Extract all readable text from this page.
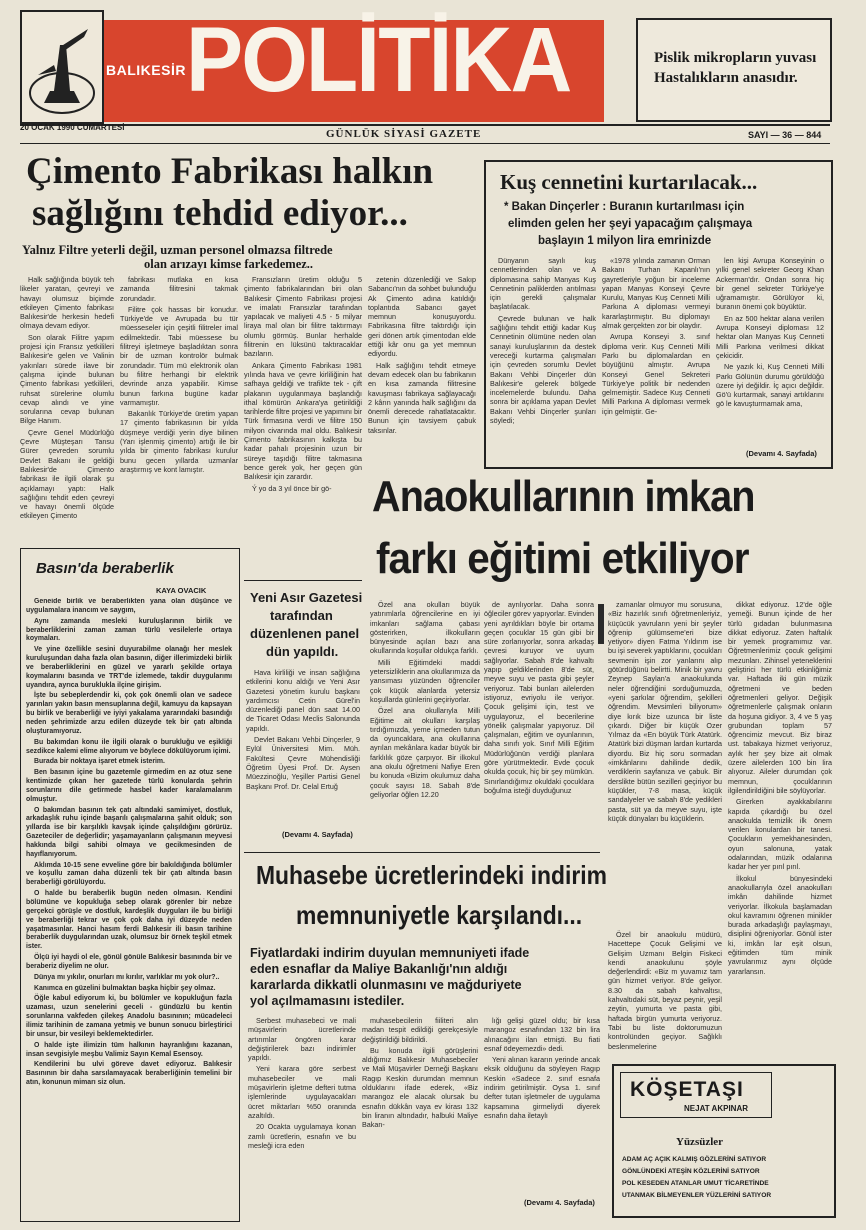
BALIKESİR POLİTİKA	Pislik mikropların yuvası
Hastalıkların anasıdır.
20 OCAK 1990 CUMARTESİ
GÜNLÜK SİYASİ GAZETE	SAYI — 36 — 844
Çimento Fabrikası halkın
sağlığını tehdid ediyor...
Yalnız Filtre yeterli değil, uzman personel olmazsa filtrede
olan arızayı kimse farkedemez..

Halk sağlığında büyük teh likeler yaratan, çevreyi ve havayı olumsuz biçimde etkileyen Çimento fabrikası Balıkesir'de herkesin hedefi olmaya devam ediyor.

Son olarak Filitre yapım projesi için Fransız yetkilileri Balıkesir'e gelen ve Valinin yakınları sürede ilave bir çalışma içinde bulunan Çimento fabrikası yetkilileri, ruhsat sürelerine olumlu cevap alındı ve yine sorularına cevap bulunan Bilge Hanım.

Çevre Genel Müdürlüğü Çevre Müşteşarı Tansu Gürer çevreden sorumlu Devlet Bakanı ile geldiği Balıkesir'de Çimento fabrikası ile ilgili olarak şu açıklamayı yaptı: Halk sağlığını tehdit eden çevreyi ve havayı önemli ölçüde etkileyen Çimento

fabrikası mutlaka en kısa zamanda filitresini takmak zorundadır.

Filitre çok hassas bir konudur. Türkiye'de ve Avrupada bu tür müesseseler için çeşitli filitreler imal edilmektedir. Tabi müessese bu filitreyi işletmeye başladıktan sonra bir de uzman kontrolör bulmak zorundadır. Tüm mü elektronik olan bu filitre herhangi bir elektrik devrinde arıza yapabilir. Kimse bunun farkına bugüne kadar varmamıştır.

Bakanlık Türkiye'de üretim yapan 17 çimento fabrikasının bir yılda düşmeye verdiği yerin diye bilinen (Yarı işlenmiş çimento) artığı ile bir yılda bir çimento fabrikası kurulur bunu gecen yıllarda uzmanlar araştırmış ve kont lamıştır.

Fransızların üretim olduğu 5 çimento fabrikalarından biri olan Balıkesir Çimento Fabrikası projesi ve imalatı Fransızlar tarafından yapılacak ve maliyeti 4.5 - 5 milyar liraya mal olan bir filitre taktırmayı olumlu görmüş. Bunlar herhalde filitrenin en lüksünü taktıracaklar bazıların.

Ankara Çimento Fabrikası 1981 yılında hava ve çevre kirliliğinin hat safhaya geldiği ve trafikte tek - çift plakanın uygulanmaya başlandığı ithal kömürün Ankara'ya getirildiği tarihlerde filtre projesi ve yapımını bir Türk firmasına verdi ve filitre 150 milyon civarında mal oldu. Balıkesir Çimento fabrikasının kalkışta bu kadar pahalı projesinin uzun bir süreye taşıdığı filitre takmasına bence gerek yok, her geçen gün Balıkesir için zarardır.

Ý yo da 3 yıl önce bir gö-

zetenin düzenlediği ve Sakıp Sabancı'nın da sohbet bulunduğu Ak Çimento adına katıldığı toplantıda Sabancı gayet memnun konuşuyordu. Fabrikasına filtre taktırdığı için geri dönen artık çimentodan elde ettiği kâr onu ga yet memnun ediyordu.

Halk sağlığını tehdit etmeye devam edecek olan bu fabrikanın en kısa zamanda filitresine kavuşması fabrikaya sağlayacağı 2 kârın yanında halk sağlığını da önemli derecede rahatlatacaktır. Bunun için tavsiyem çabuk taksınlar.

Kuş cennetini kurtarılacak...
* Bakan Dinçerler : Buranın kurtarılması için
elimden gelen her şeyi yapacağım çalışmaya
başlayın 1 milyon lira emrinizde

Dünyanın sayılı kuş cennetlerinden olan ve A diplomasına sahip Manyas Kuş Cennetinin paliklerden arıtılması için gerekli çalışmalar başlatılacak.

Çevrede bulunan ve halk sağlığını tehdit ettiği kadar Kuş Cennetinin ölümüne neden olan sanayi kuruluşlarının da destek vereceği kurtarma çalışmaları için çevreden sorumlu Devlet Bakanı Vehbi Dinçerler dün Balıkesir'e gelerek bölgede incelemelerde bulundu. Daha sonra bir açıklama yapan Devlet Bakanı Vehbi Dinçerler şunları söyledi;

«1978 yılında zamanın Orman Bakanı Turhan Kapanlı'nın gayretleriyle yoğun bir inceleme yapan Manyas Konseyi Çevre Kurulu, Manyas Kuş Cenneti Milli Parkına A diploması vermeyi kararlaştırmıştır. Bu diplomayı almak gerçekten zor bir olaydır.

Avrupa Konseyi 3. sınıf diploma verir. Kuş Cenneti Milli Parkı bu diplomalardan en büyüğünü almıştır. Avrupa Konseyi Genel Sekreteri Türkiye'ye politik bir nedenden gelmemiştir. Sadece Kuş Cenneti Milli Parkına A diploması vermek için gelmiştir. Ge-

len kişi Avrupa Konseyinin o yılki genel sekreter Georg Khan Ackerman'dır. Ondan sonra hiç bir genel sekreter Türkiye'ye uğramamıştır. Görülüyor ki, buranın önemi çok büyüktür.

En az 500 hektar alana verilen Avrupa Konseyi diploması 12 hektar olan Manyas Kuş Cenneti Milli Parkına verilmesi dikkat çekicidir.

Ne yazık ki, Kuş Cenneti Milli Parkı Gölünün durumu görüldüğü üzere iyi değildir. İç açıcı değildir. Gö'ü kurtarmak, sanayi artıklarını gö le kavuşturmamak ama,

(Devamı 4. Sayfada)
Anaokullarının imkan
farkı eğitimi etkiliyor
Basın'da beraberlik
KAYA OVACIK

Geneide birlik ve beraberlikten yana olan düşünce ve uygulamalara inancım ve saygım,

Aynı zamanda mesleki kuruluşlarının birlik ve beraberliklerini zaman zaman türlü vesilelerle ortaya koymaları.

Ve yine özellikle sesini duyurabilme olanağı her meslek kuruluşundan daha fazla olan basının, diğer illerimizdeki birlik ve beraberliklerini en güzel ve yararlı şekilde ortaya koymalarını basında ve TRT'de izlemede, takdir duygularımı uyandıra, ayrıca buruklukla ilçine girişim.

İşte bu sebeplerdendir ki, çok çok önemli olan ve sadece yarınları yakın basın mensuplarına değil, kamuyu da kapsayan bu birlik ve beraberliği ve iyiyi yakalama yararındaki basındığı neden şehrimizde arzu edilen düzeyde tek bir çatı altında oluşturamıyoruz.

Bu bakımdan konu ile ilgili olarak o burukluğu ve eşikliği sezdikce kalemi elime alıyorum ve böylece dökülüyorum içimi.

Burada bir noktaya işaret etmek isterim.

Ben basının içine bu gazetemle girmedim en az otuz sene kentimizde çıkan her gazetede türlü konularda şehrin sorunlarını dile getirmede hasbel kader karalamalarım olmuştur.

O bakımdan basının tek çatı altındaki samimiyet, dostluk, arkadaşlık ruhu içinde başarılı çalışmalarına şahit olduk; son yıllarda ise bir karşılıklı kavşak içinde çalışıldığını görürüz. Gazeteciler de değerlidir; yaşamayanların çalışmanın meyvesi hakkında bilgi sahibi olmaya ve gecikmesinden de hayıflanıyorum.

Aklımda 10-15 sene evveline göre bir bakıldığında bölümler ve koşullu zaman daha düzenli tek bir çatı altında basın beraberliği görülüyordu.

O halde bu beraberlik bugün neden olmasın. Kendini bölümüne ve kopukluğa sebep olarak görenler bir nebze gerçekci görüşle ve dostluk, kardeşlik duyguları ile bu birliği ve beraberliği tekrar ve çok çok daha iyi düzeyde neden yaşatmasınlar. Hanci hasım ferdi Balıkesir ili basın tarihine beraberlik duygularından uzak, olumsuz bir örnek teşkil etmek ister.

Ölçü iyi haydi ol ele, gönül gönüle Balıkesir basınında bir ve beraberiz diyelim ne olur.

Dünya mı yıkılır, onurları mı kırılır, varlıklar mı yok olur?..

Kanımca en güzelini bulmaktan başka hiçbir şey olmaz.

Öğle kabul ediyorum ki, bu bölümler ve kopukluğun fazla uzaması, uzun senelerini geceli - gündüzlü bu kentin sorunlarına vakfeden çilekeş Anadolu basınının; mücadeleci ilimiz tarihinin de zamana yetmiş ve bunun sonucu birleştirici bir unsur, bir vesileyi beklemektedirler.

O halde işte ilimizin tüm halkının hayranlığını kazanan, insan sevgisiyle meşbu Valimiz Sayın Kemal Esensoy.

Kendilerini bu ulvi göreve davet ediyoruz. Balıkesir Basınının bir daha sarsılamayacak beraberliğinin temelini bir atın, konunun mimarı siz olun.

Yeni Asır Gazetesi
tarafından
düzenlenen panel
dün yapıldı.

Hava kirliliği ve insan sağlığına etkilerini konu aldığı ve Yeni Asır Gazetesi yönetim kurulu başkanı yardımcısı Cetin Gürel'in düzenlediği panel dün saat 14.00 de Ticaret Odası Meclis Salonunda yapıldı.

Devlet Bakanı Vehbi Dinçerler, 9 Eylül Üniversitesi Mim. Müh. Fakültesi Çevre Mühendisliği Öğretim Üyesi Prof. Dr. Aysen Müezzinoğlu, Yeşiller Partisi Genel Başkanı Prof. Dr. Celal Ertuğ

(Devamı 4. Sayfada)

Özel ana okulları büyük yatırımlarla öğrencilerine en iyi imkanları sağlama çabası gösterirken, ilkokulların bünyesinde açılan bazı ana okullarında koşullar oldukça farklı.

Milli Eğitimdeki maddi yetersizliklerin ana okullarımıza da yansıması yüzünden öğrenciler çok küçük alanlarda yetersiz koşullarda günlerini geçiriyorlar.

Özel ana okullarıyla Milli Eğitime ait okulları karşılaş tırdığımızda, yeme içmeden tutun da oyuncaklara, ana okullarına ayrılan mekânlara kadar büyük bir farklılık göze çarpıyor. Bir ilkokul ana okulu öğretmeni Nafiye Eren bu konuda «Bizim okulumuz daha çocuk sayısı 18. Sabah 8'de geliyorlar öğlen 12.20

de ayrılıyorlar. Daha sonra öğleciler görev yapıyorlar. Evinden yeni ayrıldıkları böyle bir ortama geçen çocuklar 15 gün gibi bir süre zorlanıyorlar, sonra arkadaş çevresi kuruyor ve uyum sağlıyorlar. Sabah 8'de kahvaltı yapıp geldiklerinden 8'de süt, meyve suyu ve pasta gibi şeyler veriyoruz. Tabi bunları ailelerden istiyoruz, evriyolu ile veriyor. Çocuk gelişimi için, test ve uygulayoruz, el becerilerine yönelik çalışmalar yapıyoruz. Dil çalışmaları, eğitim ve oyunlarının, daha sınıfı yok. Sınıf Milli Eğitim Müdürlüğünün verdiği planlara göre yürütmektedir. Evde çocuk okulda çocuk, hiç bir şey mümkün. Sınırlandığımız okuldaki çocuklara boğulma isteği duyduğunuz

zamanlar olmuyor mu sorusuna, «Biz hazırlık sınıfı öğretmenleriyiz, küçücük yavruların yeni bir şeyler öğrenip gülümseme'eri bize yetiyor» diyen Fatma Yıldırım ise bu işi severek yaptıklarını, çocukları sevmenin işin zor yanlarını alıp götürdüğünü belirtti. Minik bir yavru Zeynep Saylan'a anaokulunda neler öğrendiğini sorduğumuzda, «yeni şarkılar öğrendim, şekilleri öğrendim. Mevsimleri biliyorum» diye kırık bize uzunca bir liste çıkardı. Diğer bir küçük Ozer Yılmaz da «En büyük Türk Atatürk. Atatürk bizi düşman lardan kurtarda diyordu. Biz hiç soru sormadan «imkânlarını dahilinde dedik, verdiklerin sayfanıza ve çabuk. Bir derslikte bütün sezilleri geçiriyor bu küçükler, 7-8 masa, küçük sandalyeler ve sabah 8'de yedikleri pasta, süt ya da meyve suyu, işte küçük dünyaları bu küçüklerin.

Özel bir anaokulu müdürü, Hacettepe Çocuk Gelişimi ve Gelişim Uzmanı Belgin Fiskeci kendi anaokulunu şöyle değerlendirdi: «Biz m yuvamız tam gün hizmet veriyor. 8'de geliyor. 8.30 da sabah kahvaltısı, kahvaltıdaki süt, beyaz peynir, yeşil zeytin, yumurta ve pasta gibi, haftada birgün yumurta veriyoruz. Tabi bu liste doktorumuzun kontrolünden geçiyor. Sağlıklı beslenmelerine

dikkat ediyoruz. 12'de öğle yemeği. Bunun içinde de her türlü gıdadan bulunmasına dikkat ediyoruz. Zaten haftalık bir yemek programımız var. Öğretmenlerimiz çocuk gelişimi mezunları. Zihinsel yeteneklerini geliştirici her türlü etkinliğimiz var. Haftada iki gün müzik öğretmeni ve beden öğretmenleri geliyor. Değişik öğretmenlerle çalışmak onların da hoşuna gidiyor. 3, 4 ve 5 yaş grubundan toplam 57 öğrencimiz mevcut. Biz biraz ust. tabakaya hizmet veriyoruz, aylık her şey bize ait olmak üzere ailelerden 100 bin lira alıyoruz. Aileler durumdan çok memnun, çocuklarının ilgilendirildiğini bile söylüyorlar.

Girerken ayakkabılarını kapıda çıkardığı bu özel anaokulda temizlik ilk önem verilen konulardan bir tanesi. Çocukların yemekhanesinden, oyun salonuna, yatak odalarından, müzik odalarına kadar her yer pırıl pırıl.

İlkokul bünyesindeki anaokullarıyla özel anaokulları imkân dahilinde hizmet veriyorlar. İlkokula başlamadan okul kavramını öğrenen minikler burada arkadaşlığı paylaşmayı, disiplini öğreniyorlar. Gönül ister ki, imkân lar eşit olsun, eğitimden tüm minik yavrularımız aynı ölçüde yararlansın.

Muhasebe ücretlerindeki indirim
memnuniyetle karşılandı...
Fiyatlardaki indirim duyulan memnuniyeti ifade
eden esnaflar da Maliye Bakanlığı'nın aldığı
kararlarda dikkatli olunmasını ve mağduriyete
yol açılmamasını istediler.

Serbest muhasebeci ve mali müşavirlerin ücretlerinde artırımlar öngören karar değiştirilerek bazı indirimler yapıldı.

Yeni karara göre serbest muhasebeciler ve mali müşavirlerin işletme defteri tutma işlemlerinde uygulayacakları ücret miktarları %50 oranında azaltıldı.

20 Ocakta uygulamaya konan zamlı ücretlerin, esnafın ve bu mesleği icra eden

muhasebecilerin fiiliteri alın madan tespit edildiği gerekçesiyle değiştirildiği bildirildi.

Bu konuda ilgili görüşlerini aldığımız Balıkesir Muhasebeciler ve Mali Müşavirler Derneği Başkanı Ragıp Keskin durumdan memnun olduklarını ifade ederek, «Biz marangoz ele alacak olursak bu esnafın dükkân vaya ev kirası 132 bin liranın altındadır, halbuki Maliye Bakan-

lığı gelişi güzel oldu; bir kısa marangoz esnafından 132 bin lira alınacağını ilan etmişti. Bu fiati esnaf ödeyemezdi» dedi.

Yeni alınan kararın yerinde ancak eksik olduğunu da söyleyen Ragıp Keskin «Sadece 2. sınıf esnafa indirim getirilmiştir. Oysa 1. sınıf defter tutan işletmeler de uygulama kapsamına girmeliydi diyerek esnafın daha iletaylı

(Devamı 4. Sayfada)
KÖŞETAŞI
NEJAT AKPINAR
Yüzsüzler
ADAM AÇ AÇIK KALMIŞ GÖZLERİNİ SATIYOR
GÖNLÜNDEKİ ATEŞİN KÖZLERİNİ SATIYOR
POL KESEDEN ATANLAR UMUT TİCARETİNDE
UTANMAK BİLMEYENLER YÜZLERİNİ SATIYOR
